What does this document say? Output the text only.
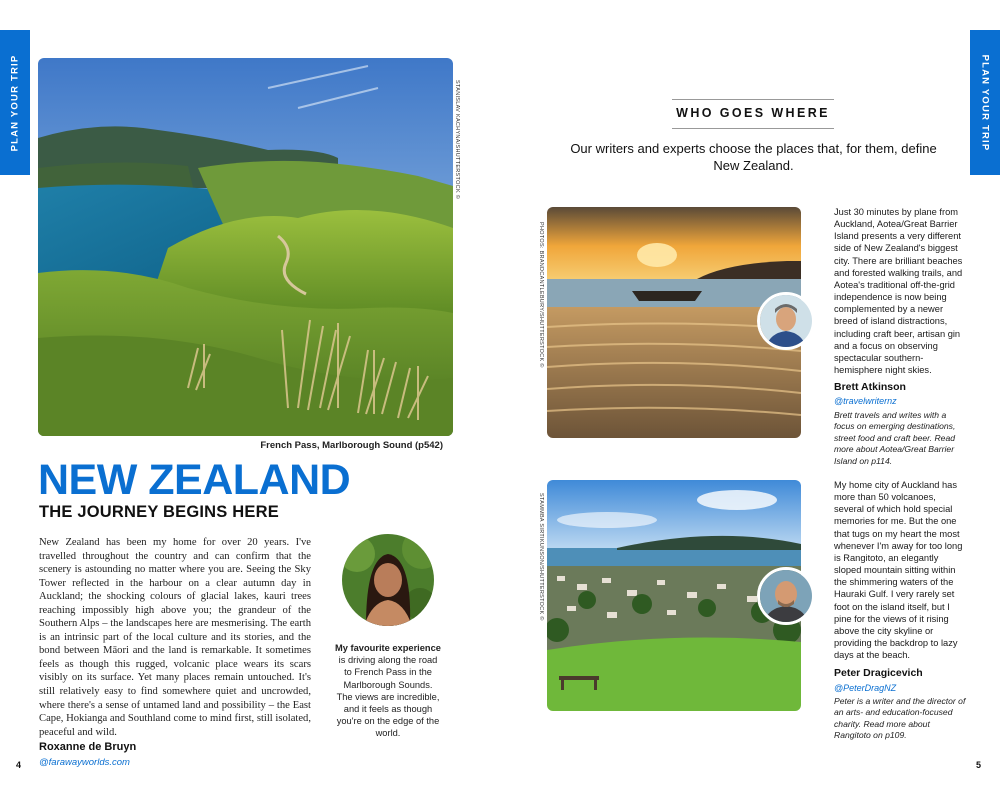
PLAN YOUR TRIP	PLAN YOUR TRIP
STANISLAV KACHYNA/SHUTTERSTOCK ©
French Pass, Marlborough Sound (p542)
NEW ZEALAND
THE JOURNEY BEGINS HERE
New Zealand has been my home for over 20 years. I've travelled throughout the country and can confirm that the scenery is astounding no matter where you are. Seeing the Sky Tower reflected in the harbour on a clear autumn day in Auckland; the shocking colours of glacial lakes, kauri trees reaching impossibly high above you; the grandeur of the Southern Alps – the landscapes here are mesmerising. The earth is an intrinsic part of the local culture and its stories, and the bond between Māori and the land is remarkable. It sometimes feels as though this rugged, volcanic place wears its scars visibly on its surface. Yet many places remain untouched. It's still relatively easy to find somewhere quiet and uncrowded, where there's a sense of untamed land and possibility – the East Cape, Hokianga and Southland come to mind first, still isolated, peaceful and wild.
Roxanne de Bruyn
@farawayworlds.com
4	5
My favourite experience is driving along the road to French Pass in the Marlborough Sounds. The views are incredible, and it feels as though you're on the edge of the world.
WHO GOES WHERE
Our writers and experts choose the places that, for them, define New Zealand.
PHOTOS: BRANDCANTLEBURY/SHUTTERSTOCK ©
Just 30 minutes by plane from Auckland, Aotea/Great Barrier Island presents a very different side of New Zealand's biggest city. There are brilliant beaches and forested walking trails, and Aotea's traditional off-the-grid independence is now being complemented by a newer breed of island distractions, including craft beer, artisan gin and a focus on observing spectacular southern-hemisphere night skies.
Brett Atkinson
@travelwriternz
Brett travels and writes with a focus on emerging destinations, street food and craft beer. Read more about Aotea/Great Barrier Island on p114.
STAMMBA SIRTIKUNSON/SHUTTERSTOCK ©
My home city of Auckland has more than 50 volcanoes, several of which hold special memories for me. But the one that tugs on my heart the most whenever I'm away for too long is Rangitoto, an elegantly sloped mountain sitting within the shimmering waters of the Hauraki Gulf. I very rarely set foot on the island itself, but I pine for the views of it rising above the city skyline or providing the backdrop to lazy days at the beach.
Peter Dragicevich
@PeterDragNZ
Peter is a writer and the director of an arts- and education-focused charity. Read more about Rangitoto on p109.
